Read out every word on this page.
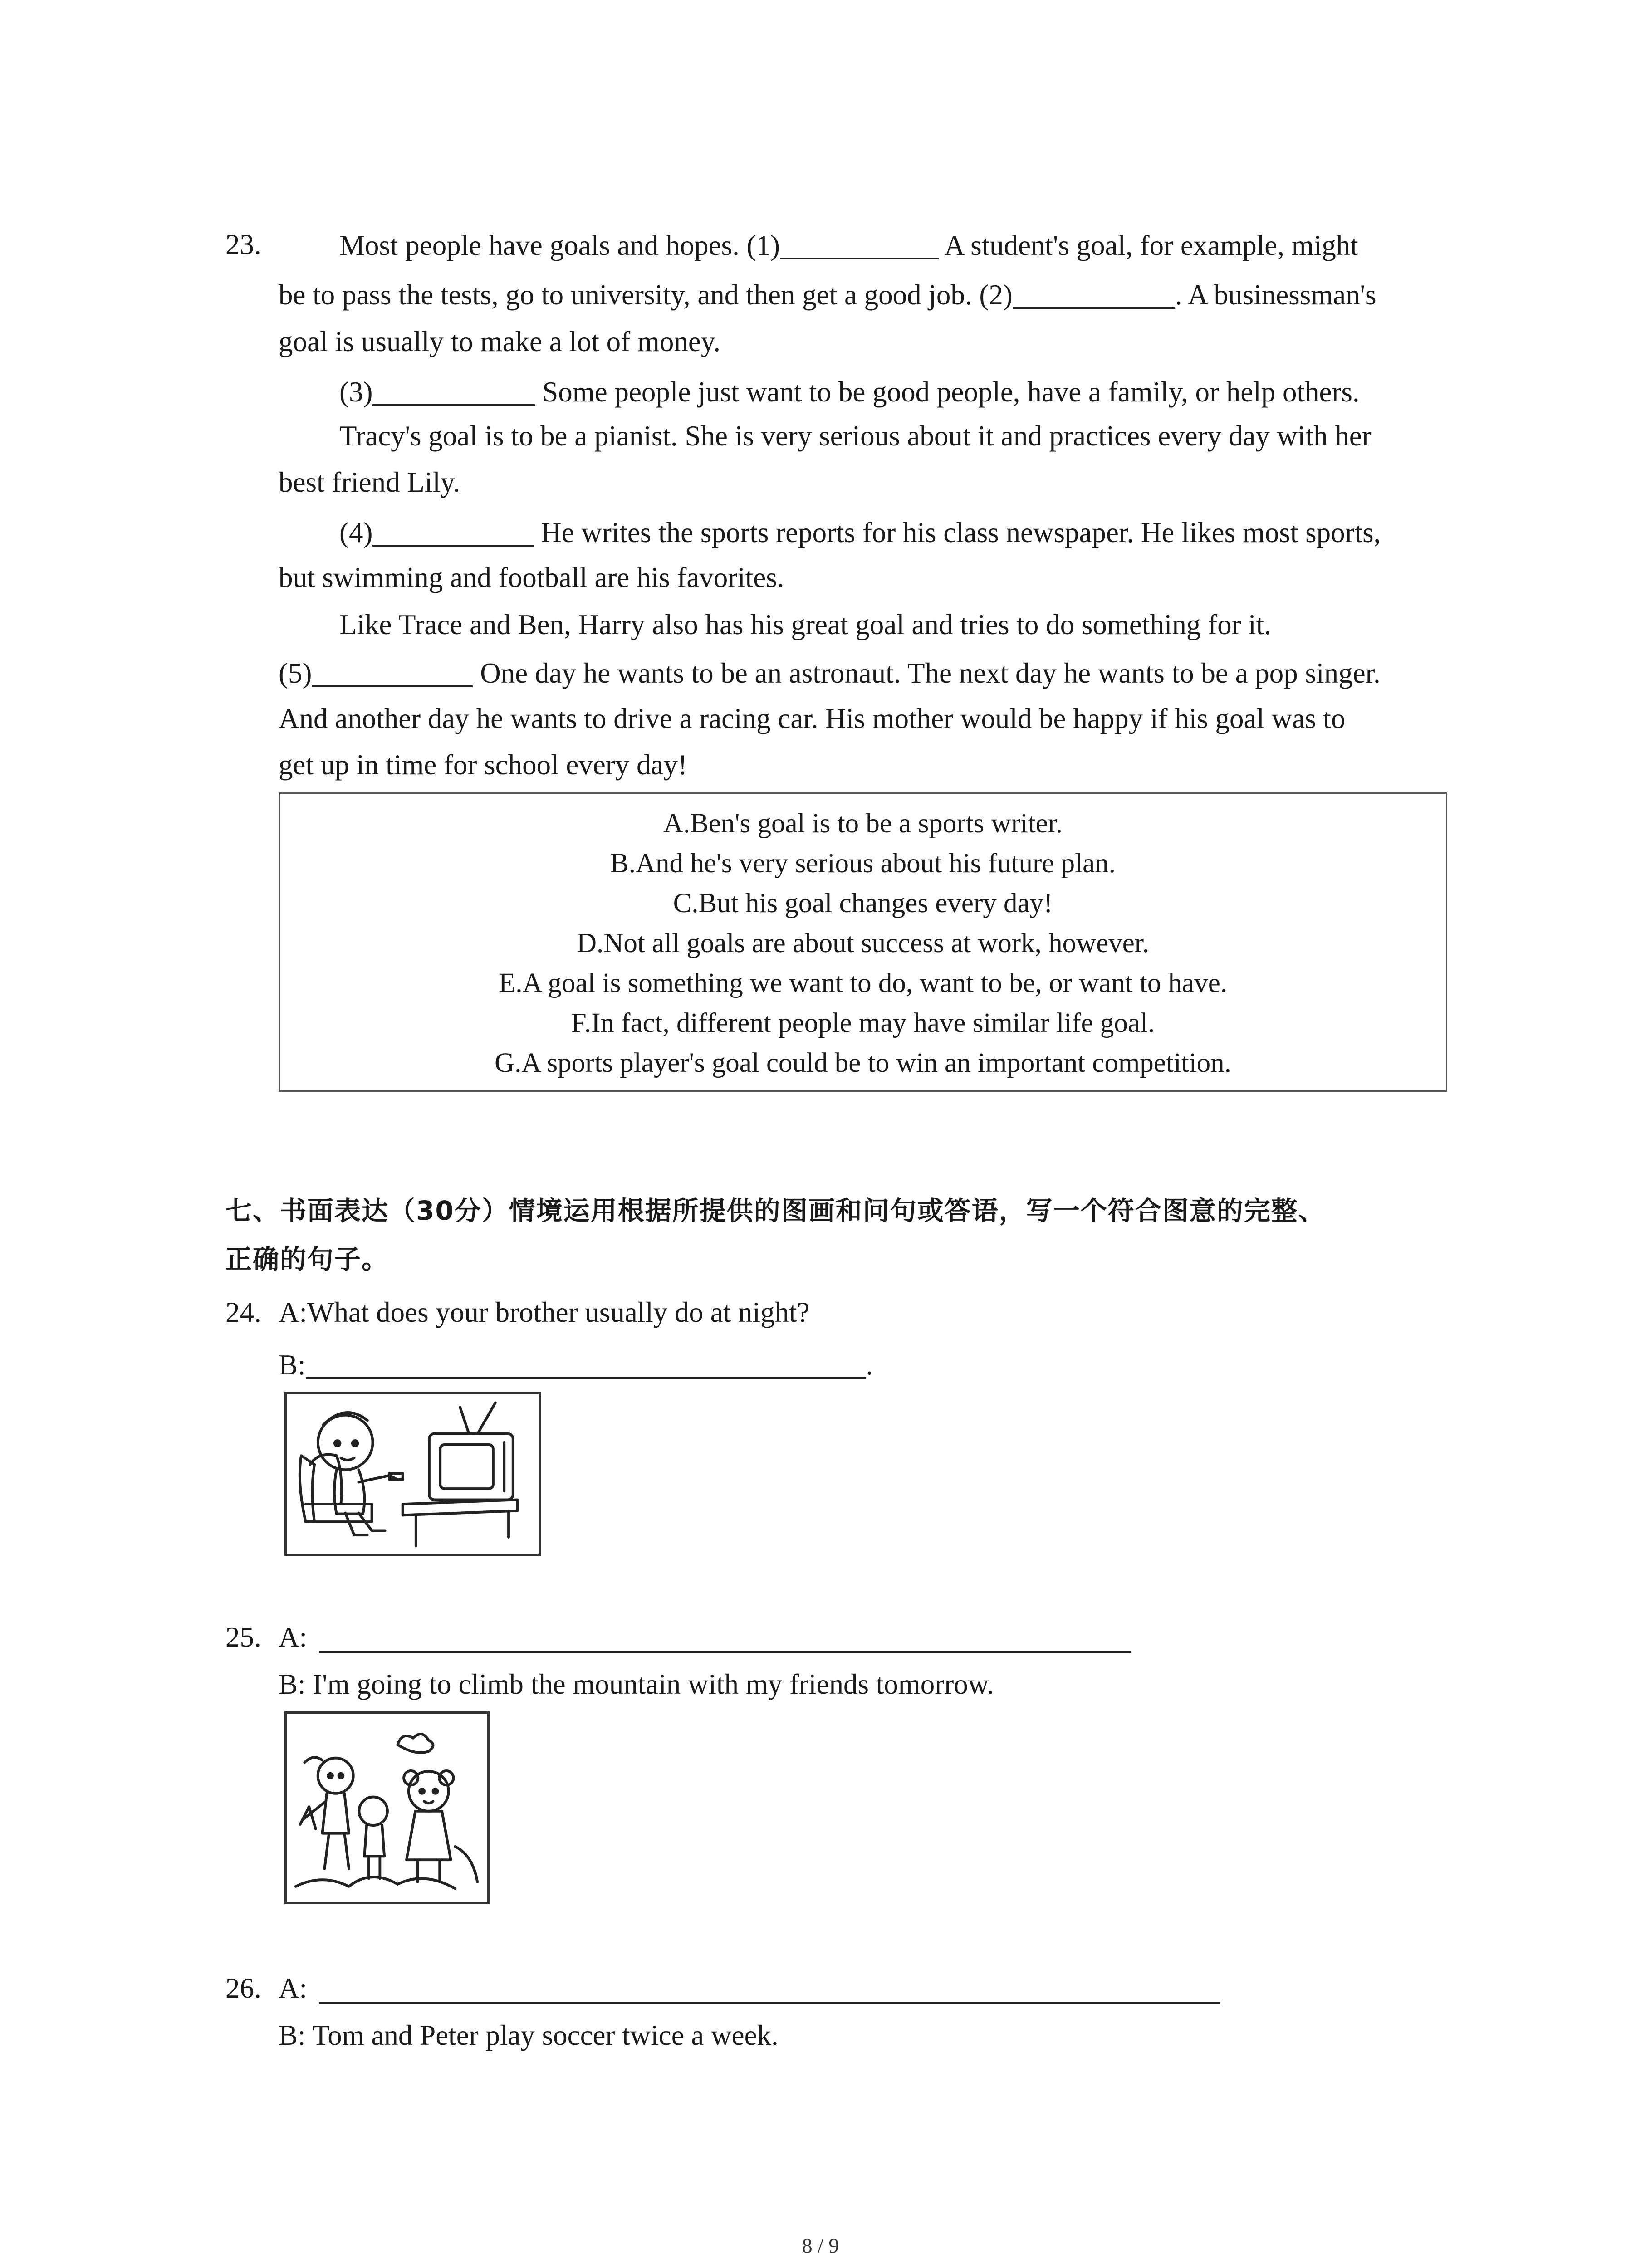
23.	Most people have goals and hopes. (1)	A student's goal, for example, might
be to pass the tests, go to university, and then get a good job. (2)	. A businessman's
goal is usually to make a lot of money.
(3)	Some people just want to be good people, have a family, or help others.
Tracy's goal is to be a pianist. She is very serious about it and practices every day with her
best friend Lily.
(4)	He writes the sports reports for his class newspaper. He likes most sports,
but swimming and football are his favorites.
Like Trace and Ben, Harry also has his great goal and tries to do something for it.
(5)	One day he wants to be an astronaut. The next day he wants to be a pop singer.
And another day he wants to drive a racing car. His mother would be happy if his goal was to
get up in time for school every day!
A.Ben's goal is to be a sports writer.
B.And he's very serious about his future plan.
C.But his goal changes every day!
D.Not all goals are about success at work, however.
E.A goal is something we want to do, want to be, or want to have.
F.In fact, different people may have similar life goal.
G.A sports player's goal could be to win an important competition.
七、书面表达（30分）情境运用根据所提供的图画和问句或答语，写一个符合图意的完整、
正确的句子。
24. A:What does your brother usually do at night?
B:	.
25. A:
B: I'm going to climb the mountain with my friends tomorrow.
26. A:
B: Tom and Peter play soccer twice a week.
8 / 9
